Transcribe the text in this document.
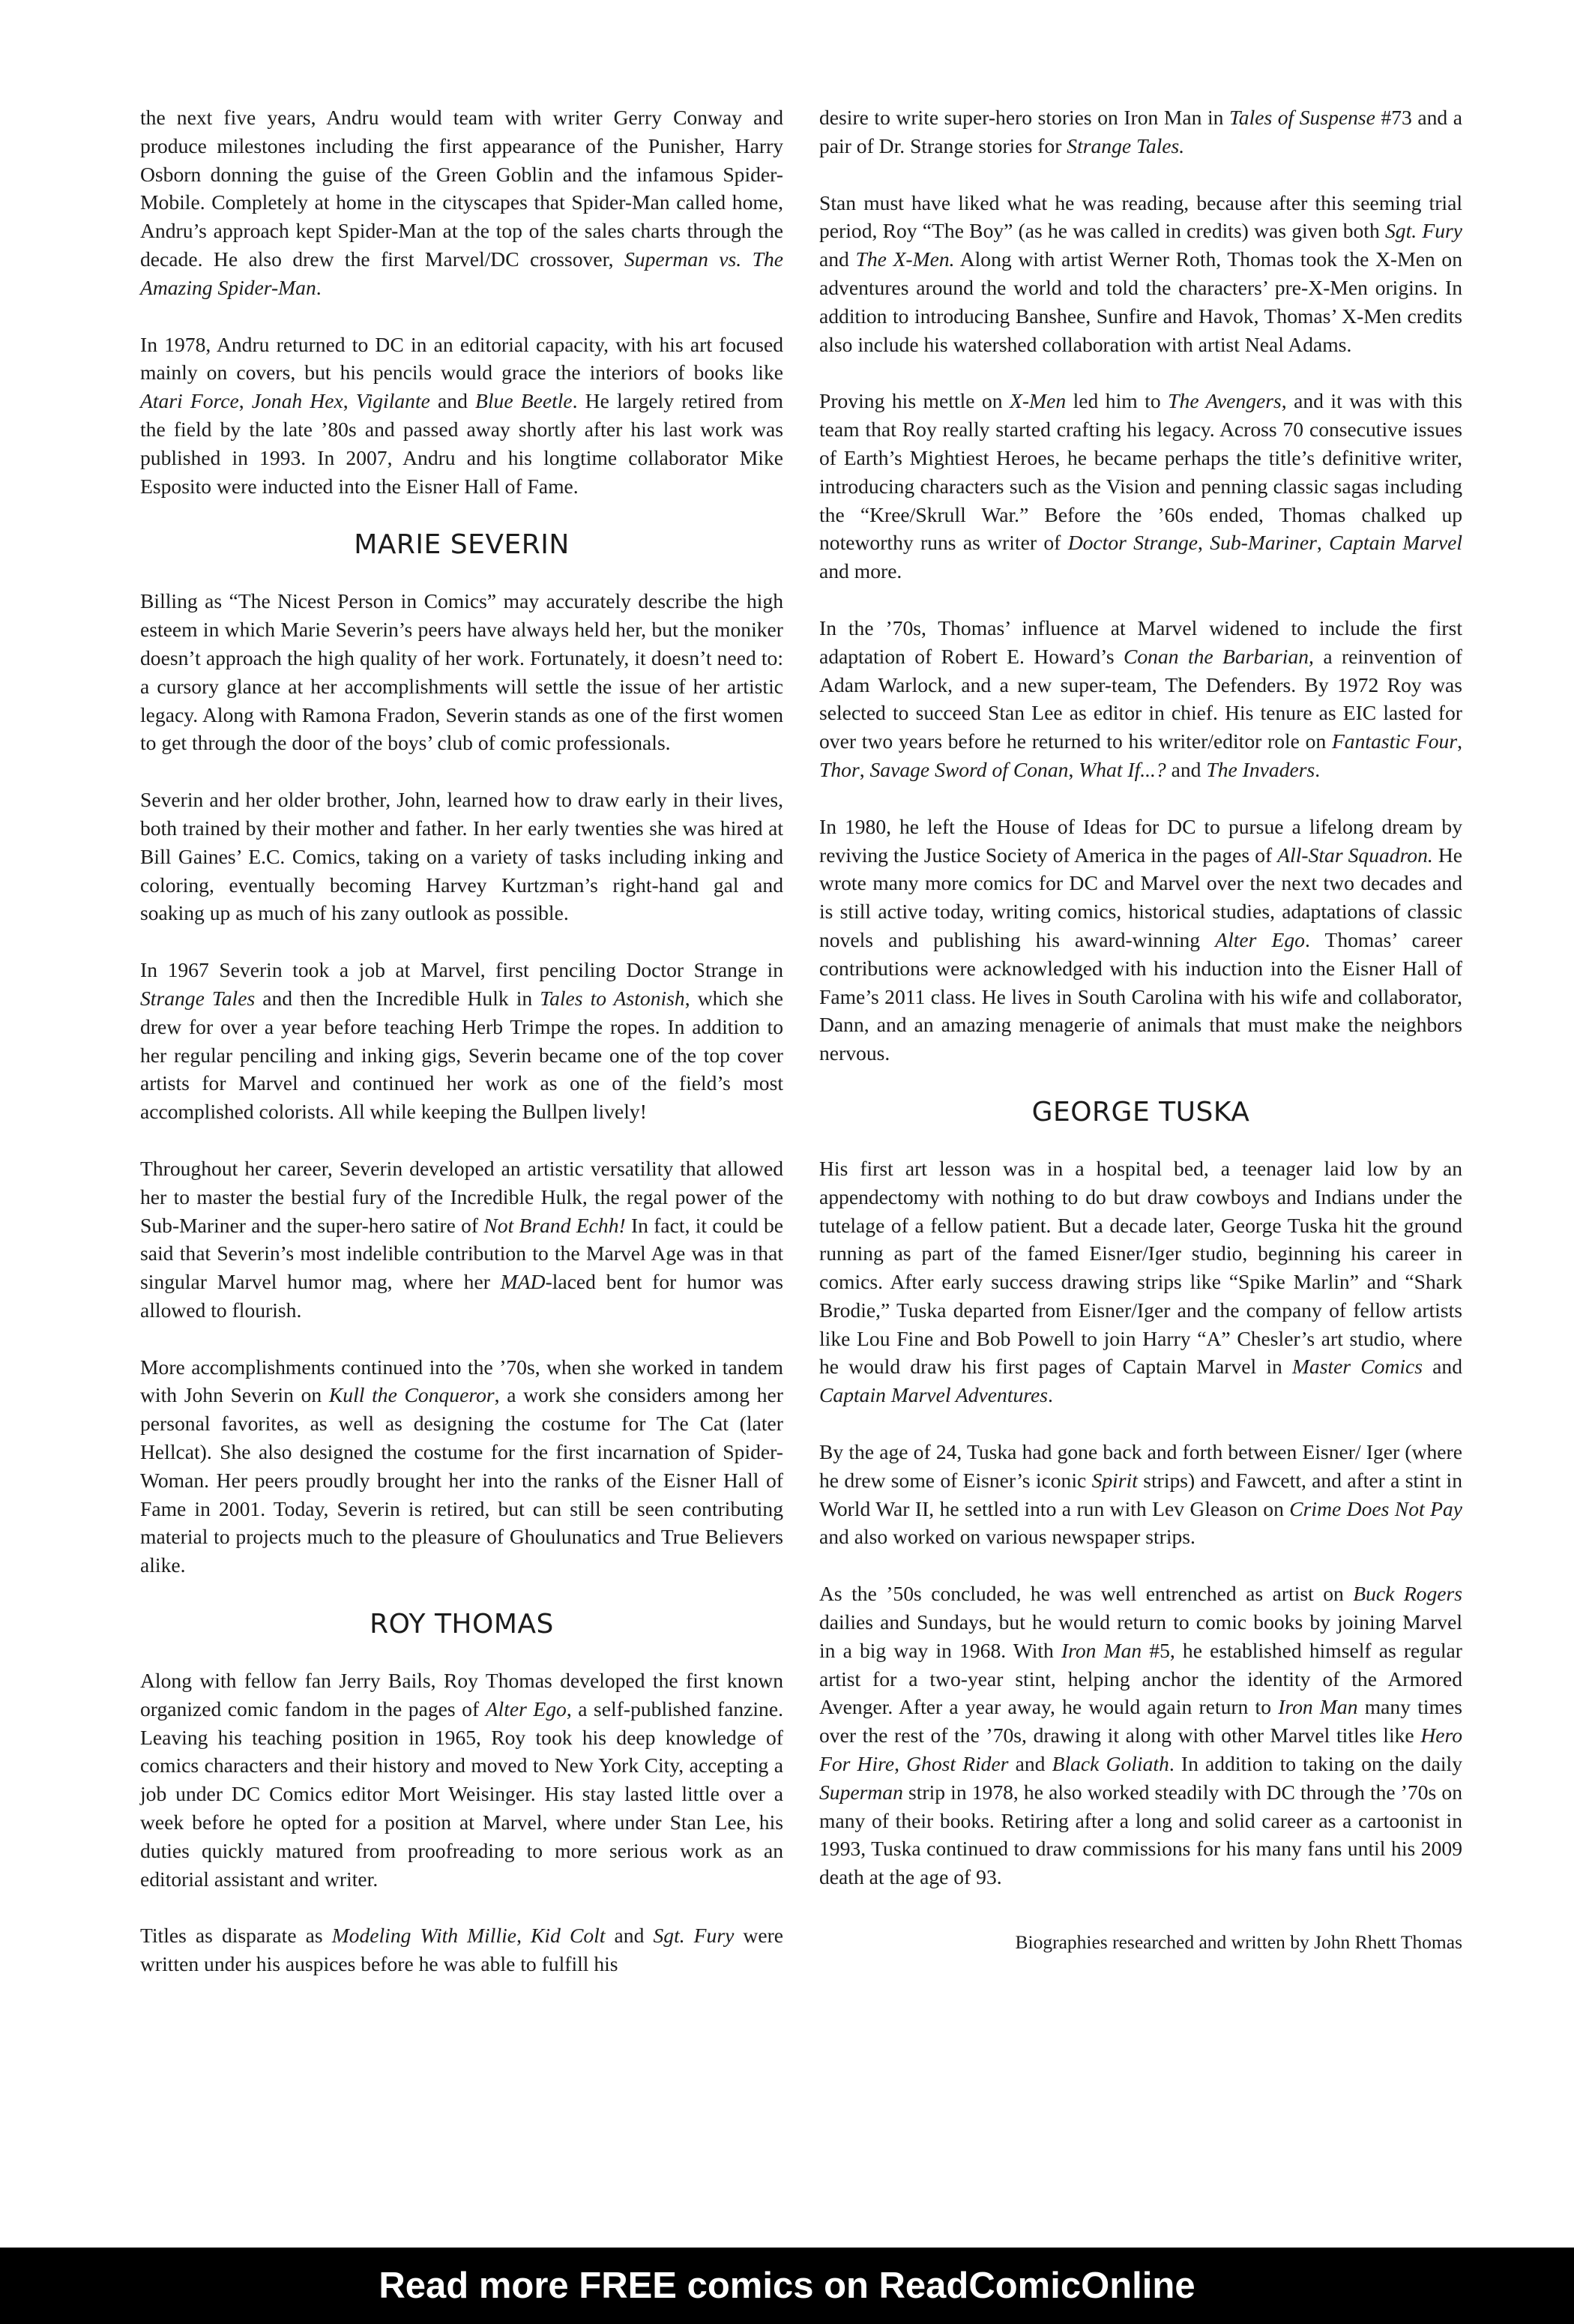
the next five years, Andru would team with writer Gerry Conway and produce milestones including the first appearance of the Punisher, Harry Osborn donning the guise of the Green Goblin and the infamous Spider-Mobile. Completely at home in the cityscapes that Spider-Man called home, Andru’s approach kept Spider-Man at the top of the sales charts through the decade. He also drew the first Marvel/DC crossover, Superman vs. The Amazing Spider-Man.

In 1978, Andru returned to DC in an editorial capacity, with his art focused mainly on covers, but his pencils would grace the interiors of books like Atari Force, Jonah Hex, Vigilante and Blue Beetle. He largely retired from the field by the late ’80s and passed away shortly after his last work was published in 1993. In 2007, Andru and his longtime collaborator Mike Esposito were inducted into the Eisner Hall of Fame.

MARIE SEVERIN

Billing as “The Nicest Person in Comics” may accurately describe the high esteem in which Marie Severin’s peers have always held her, but the moniker doesn’t approach the high quality of her work. Fortunately, it doesn’t need to: a cursory glance at her accomplishments will settle the issue of her artistic legacy. Along with Ramona Fradon, Severin stands as one of the first women to get through the door of the boys’ club of comic professionals.

Severin and her older brother, John, learned how to draw early in their lives, both trained by their mother and father. In her early twenties she was hired at Bill Gaines’ E.C. Comics, taking on a variety of tasks including inking and coloring, eventually becoming Harvey Kurtzman’s right-hand gal and soaking up as much of his zany outlook as possible.

In 1967 Severin took a job at Marvel, first penciling Doctor Strange in Strange Tales and then the Incredible Hulk in Tales to Astonish, which she drew for over a year before teaching Herb Trimpe the ropes. In addition to her regular penciling and inking gigs, Severin became one of the top cover artists for Marvel and continued her work as one of the field’s most accomplished colorists. All while keeping the Bullpen lively!

Throughout her career, Severin developed an artistic versatility that allowed her to master the bestial fury of the Incredible Hulk, the regal power of the Sub-Mariner and the super-hero satire of Not Brand Echh! In fact, it could be said that Severin’s most indelible contribution to the Marvel Age was in that singular Marvel humor mag, where her MAD-laced bent for humor was allowed to flourish.

More accomplishments continued into the ’70s, when she worked in tandem with John Severin on Kull the Conqueror, a work she considers among her personal favorites, as well as designing the costume for The Cat (later Hellcat). She also designed the costume for the first incarnation of Spider-Woman. Her peers proudly brought her into the ranks of the Eisner Hall of Fame in 2001. Today, Severin is retired, but can still be seen contributing material to projects much to the pleasure of Ghoulunatics and True Believers alike.

ROY THOMAS

Along with fellow fan Jerry Bails, Roy Thomas developed the first known organized comic fandom in the pages of Alter Ego, a self-published fanzine. Leaving his teaching position in 1965, Roy took his deep knowledge of comics characters and their history and moved to New York City, accepting a job under DC Comics editor Mort Weisinger. His stay lasted little over a week before he opted for a position at Marvel, where under Stan Lee, his duties quickly matured from proofreading to more serious work as an editorial assistant and writer.

Titles as disparate as Modeling With Millie, Kid Colt and Sgt. Fury were written under his auspices before he was able to fulfill his

desire to write super-hero stories on Iron Man in Tales of Suspense #73 and a pair of Dr. Strange stories for Strange Tales.

Stan must have liked what he was reading, because after this seeming trial period, Roy “The Boy” (as he was called in credits) was given both Sgt. Fury and The X-Men. Along with artist Werner Roth, Thomas took the X-Men on adventures around the world and told the characters’ pre-X-Men origins. In addition to introducing Banshee, Sunfire and Havok, Thomas’ X-Men credits also include his watershed collaboration with artist Neal Adams.

Proving his mettle on X-Men led him to The Avengers, and it was with this team that Roy really started crafting his legacy. Across 70 consecutive issues of Earth’s Mightiest Heroes, he became perhaps the title’s definitive writer, introducing characters such as the Vision and penning classic sagas including the “Kree/Skrull War.” Before the ’60s ended, Thomas chalked up noteworthy runs as writer of Doctor Strange, Sub-Mariner, Captain Marvel and more.

In the ’70s, Thomas’ influence at Marvel widened to include the first adaptation of Robert E. Howard’s Conan the Barbarian, a reinvention of Adam Warlock, and a new super-team, The Defenders. By 1972 Roy was selected to succeed Stan Lee as editor in chief. His tenure as EIC lasted for over two years before he returned to his writer/editor role on Fantastic Four, Thor, Savage Sword of Conan, What If...? and The Invaders.

In 1980, he left the House of Ideas for DC to pursue a lifelong dream by reviving the Justice Society of America in the pages of All-Star Squadron. He wrote many more comics for DC and Marvel over the next two decades and is still active today, writing comics, historical studies, adaptations of classic novels and publishing his award-winning Alter Ego. Thomas’ career contributions were acknowledged with his induction into the Eisner Hall of Fame’s 2011 class. He lives in South Carolina with his wife and collaborator, Dann, and an amazing menagerie of animals that must make the neighbors nervous.

GEORGE TUSKA

His first art lesson was in a hospital bed, a teenager laid low by an appendectomy with nothing to do but draw cowboys and Indians under the tutelage of a fellow patient. But a decade later, George Tuska hit the ground running as part of the famed Eisner/Iger studio, beginning his career in comics. After early success drawing strips like “Spike Marlin” and “Shark Brodie,” Tuska departed from Eisner/Iger and the company of fellow artists like Lou Fine and Bob Powell to join Harry “A” Chesler’s art studio, where he would draw his first pages of Captain Marvel in Master Comics and Captain Marvel Adventures.

By the age of 24, Tuska had gone back and forth between Eisner/ Iger (where he drew some of Eisner’s iconic Spirit strips) and Fawcett, and after a stint in World War II, he settled into a run with Lev Gleason on Crime Does Not Pay and also worked on various newspaper strips.

As the ’50s concluded, he was well entrenched as artist on Buck Rogers dailies and Sundays, but he would return to comic books by joining Marvel in a big way in 1968. With Iron Man #5, he established himself as regular artist for a two-year stint, helping anchor the identity of the Armored Avenger. After a year away, he would again return to Iron Man many times over the rest of the ’70s, drawing it along with other Marvel titles like Hero For Hire, Ghost Rider and Black Goliath. In addition to taking on the daily Superman strip in 1978, he also worked steadily with DC through the ’70s on many of their books. Retiring after a long and solid career as a cartoonist in 1993, Tuska continued to draw commissions for his many fans until his 2009 death at the age of 93.

Biographies researched and written by John Rhett Thomas
Read more FREE comics on ReadComicOnline
